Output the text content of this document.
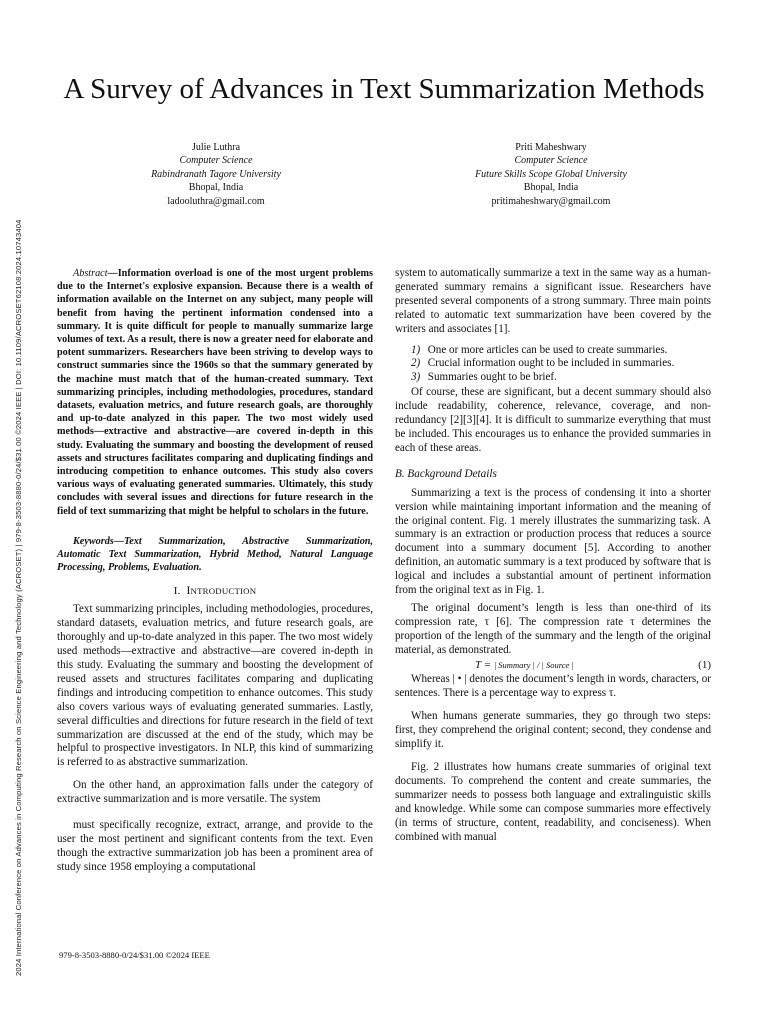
2024 International Conference on Advances in Computing Research on Science Engineering and Technology (ACROSET) | 979-8-3503-8880-0/24/$31.00 ©2024 IEEE | DOI: 10.1109/ACROSET62108.2024.10743404
A Survey of Advances in Text Summarization Methods
Julie Luthra
Computer Science
Rabindranath Tagore University
Bhopal, India
ladooluthra@gmail.com
Priti Maheshwary
Computer Science
Future Skills Scope Global University
Bhopal, India
pritimaheshwary@gmail.com

Abstract—Information overload is one of the most urgent problems due to the Internet's explosive expansion. Because there is a wealth of information available on the Internet on any subject, many people will benefit from having the pertinent information condensed into a summary. It is quite difficult for people to manually summarize large volumes of text. As a result, there is now a greater need for elaborate and potent summarizers. Researchers have been striving to develop ways to construct summaries since the 1960s so that the summary generated by the machine must match that of the human-created summary. Text summarizing principles, including methodologies, procedures, standard datasets, evaluation metrics, and future research goals, are thoroughly and up-to-date analyzed in this paper. The two most widely used methods—extractive and abstractive—are covered in-depth in this study. Evaluating the summary and boosting the development of reused assets and structures facilitates comparing and duplicating findings and introducing competition to enhance outcomes. This study also covers various ways of evaluating generated summaries. Ultimately, this study concludes with several issues and directions for future research in the field of text summarizing that might be helpful to scholars in the future.

Keywords—Text Summarization, Abstractive Summarization, Automatic Text Summarization, Hybrid Method, Natural Language Processing, Problems, Evaluation.

I. INTRODUCTION

Text summarizing principles, including methodologies, procedures, standard datasets, evaluation metrics, and future research goals, are thoroughly and up-to-date analyzed in this paper. The two most widely used methods—extractive and abstractive—are covered in-depth in this study. Evaluating the summary and boosting the development of reused assets and structures facilitates comparing and duplicating findings and introducing competition to enhance outcomes. This study also covers various ways of evaluating generated summaries. Lastly, several difficulties and directions for future research in the field of text summarization are discussed at the end of the study, which may be helpful to prospective investigators. In NLP, this kind of summarizing is referred to as abstractive summarization.

On the other hand, an approximation falls under the category of extractive summarization and is more versatile. The system

must specifically recognize, extract, arrange, and provide to the user the most pertinent and significant contents from the text. Even though the extractive summarization job has been a prominent area of study since 1958 employing a computational

system to automatically summarize a text in the same way as a human-generated summary remains a significant issue. Researchers have presented several components of a strong summary. Three main points related to automatic text summarization have been covered by the writers and associates [1].

1)
One or more articles can be used to create summaries.
2)
Crucial information ought to be included in summaries.
3)
Summaries ought to be brief.

Of course, these are significant, but a decent summary should also include readability, coherence, relevance, coverage, and non-redundancy [2][3][4]. It is difficult to summarize everything that must be included. This encourages us to enhance the provided summaries in each of these areas.

B. Background Details

Summarizing a text is the process of condensing it into a shorter version while maintaining important information and the meaning of the original content. Fig. 1 merely illustrates the summarizing task. A summary is an extraction or production process that reduces a source document into a summary document [5]. According to another definition, an automatic summary is a text produced by software that is logical and includes a substantial amount of pertinent information from the original text as in Fig. 1.

The original document’s length is less than one-third of its compression rate, τ [6]. The compression rate τ determines the proportion of the length of the summary and the length of the original material, as demonstrated.

T = | Summary | / | Source |	(1)

Whereas | • | denotes the document’s length in words, characters, or sentences. There is a percentage way to express τ.

When humans generate summaries, they go through two steps: first, they comprehend the original content; second, they condense and simplify it.

Fig. 2 illustrates how humans create summaries of original text documents. To comprehend the content and create summaries, the summarizer needs to possess both language and extralinguistic skills and knowledge. While some can compose summaries more effectively (in terms of structure, content, readability, and conciseness). When combined with manual

979-8-3503-8880-0/24/$31.00 ©2024 IEEE
